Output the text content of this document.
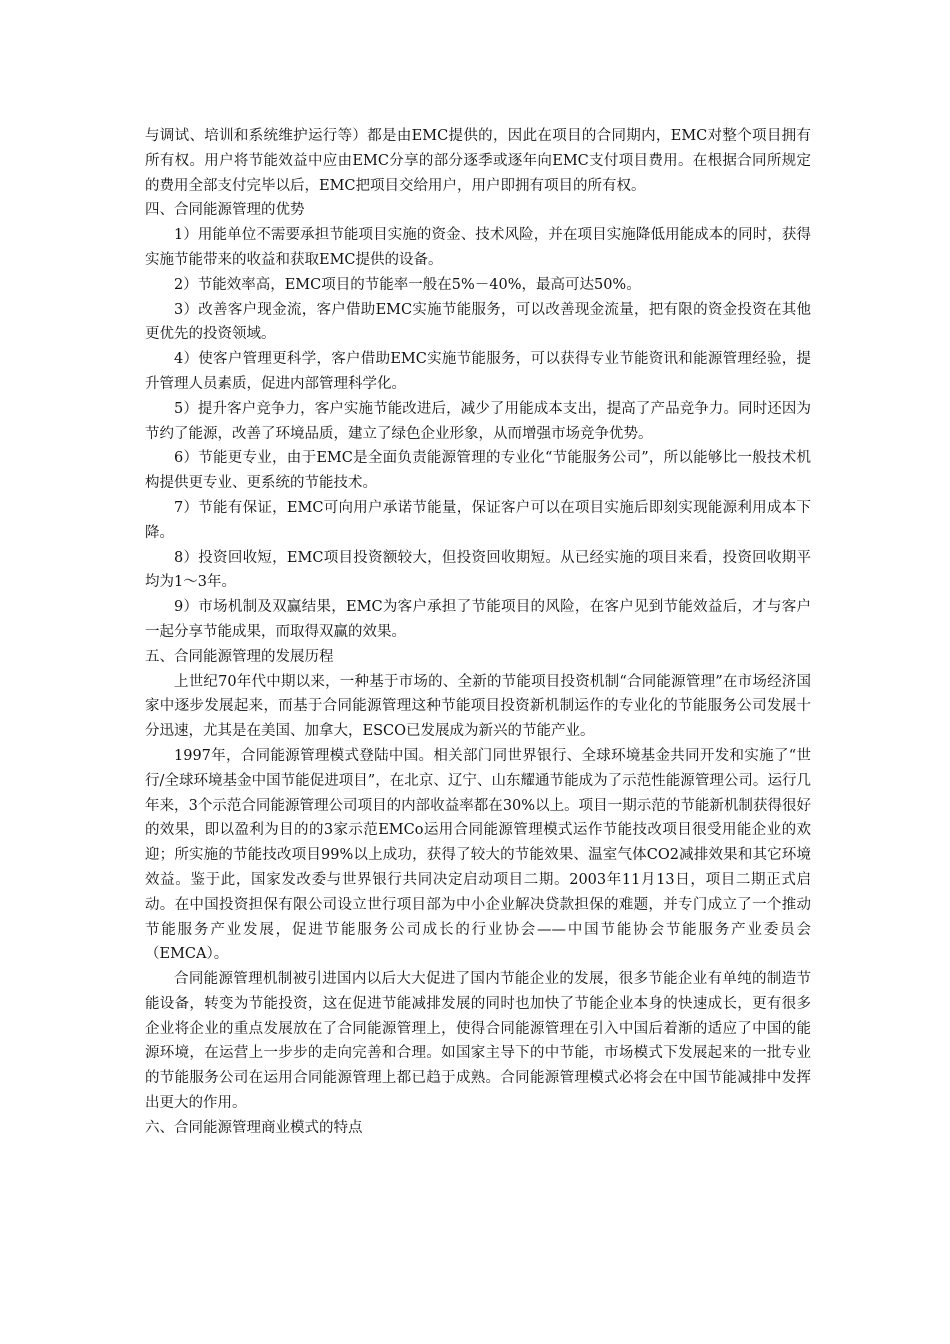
与调试、培训和系统维护运行等）都是由EMC提供的，因此在项目的合同期内，EMC对整个项目拥有所有权。用户将节能效益中应由EMC分享的部分逐季或逐年向EMC支付项目费用。在根据合同所规定的费用全部支付完毕以后，EMC把项目交给用户，用户即拥有项目的所有权。

四、合同能源管理的优势

1）用能单位不需要承担节能项目实施的资金、技术风险，并在项目实施降低用能成本的同时，获得实施节能带来的收益和获取EMC提供的设备。

2）节能效率高，EMC项目的节能率一般在5%－40%，最高可达50%。

3）改善客户现金流，客户借助EMC实施节能服务，可以改善现金流量，把有限的资金投资在其他更优先的投资领域。

4）使客户管理更科学，客户借助EMC实施节能服务，可以获得专业节能资讯和能源管理经验，提升管理人员素质，促进内部管理科学化。

5）提升客户竞争力，客户实施节能改进后，减少了用能成本支出，提高了产品竞争力。同时还因为节约了能源，改善了环境品质，建立了绿色企业形象，从而增强市场竞争优势。

6）节能更专业，由于EMC是全面负责能源管理的专业化“节能服务公司”，所以能够比一般技术机构提供更专业、更系统的节能技术。

7）节能有保证，EMC可向用户承诺节能量，保证客户可以在项目实施后即刻实现能源利用成本下降。

8）投资回收短，EMC项目投资额较大，但投资回收期短。从已经实施的项目来看，投资回收期平均为1～3年。

9）市场机制及双赢结果，EMC为客户承担了节能项目的风险，在客户见到节能效益后，才与客户一起分享节能成果，而取得双赢的效果。

五、合同能源管理的发展历程

上世纪70年代中期以来，一种基于市场的、全新的节能项目投资机制“合同能源管理”在市场经济国家中逐步发展起来，而基于合同能源管理这种节能项目投资新机制运作的专业化的节能服务公司发展十分迅速，尤其是在美国、加拿大，ESCO已发展成为新兴的节能产业。

1997年，合同能源管理模式登陆中国。相关部门同世界银行、全球环境基金共同开发和实施了“世行/全球环境基金中国节能促进项目”，在北京、辽宁、山东耀通节能成为了示范性能源管理公司。运行几年来，3个示范合同能源管理公司项目的内部收益率都在30%以上。项目一期示范的节能新机制获得很好的效果，即以盈利为目的的3家示范EMCo运用合同能源管理模式运作节能技改项目很受用能企业的欢迎；所实施的节能技改项目99%以上成功，获得了较大的节能效果、温室气体CO2减排效果和其它环境效益。鉴于此，国家发改委与世界银行共同决定启动项目二期。2003年11月13日，项目二期正式启动。在中国投资担保有限公司设立世行项目部为中小企业解决贷款担保的难题，并专门成立了一个推动节能服务产业发展，促进节能服务公司成长的行业协会——中国节能协会节能服务产业委员会（EMCA）。

合同能源管理机制被引进国内以后大大促进了国内节能企业的发展，很多节能企业有单纯的制造节能设备，转变为节能投资，这在促进节能减排发展的同时也加快了节能企业本身的快速成长，更有很多企业将企业的重点发展放在了合同能源管理上，使得合同能源管理在引入中国后着渐的适应了中国的能源环境，在运营上一步步的走向完善和合理。如国家主导下的中节能，市场模式下发展起来的一批专业的节能服务公司在运用合同能源管理上都已趋于成熟。合同能源管理模式必将会在中国节能减排中发挥出更大的作用。

六、合同能源管理商业模式的特点
